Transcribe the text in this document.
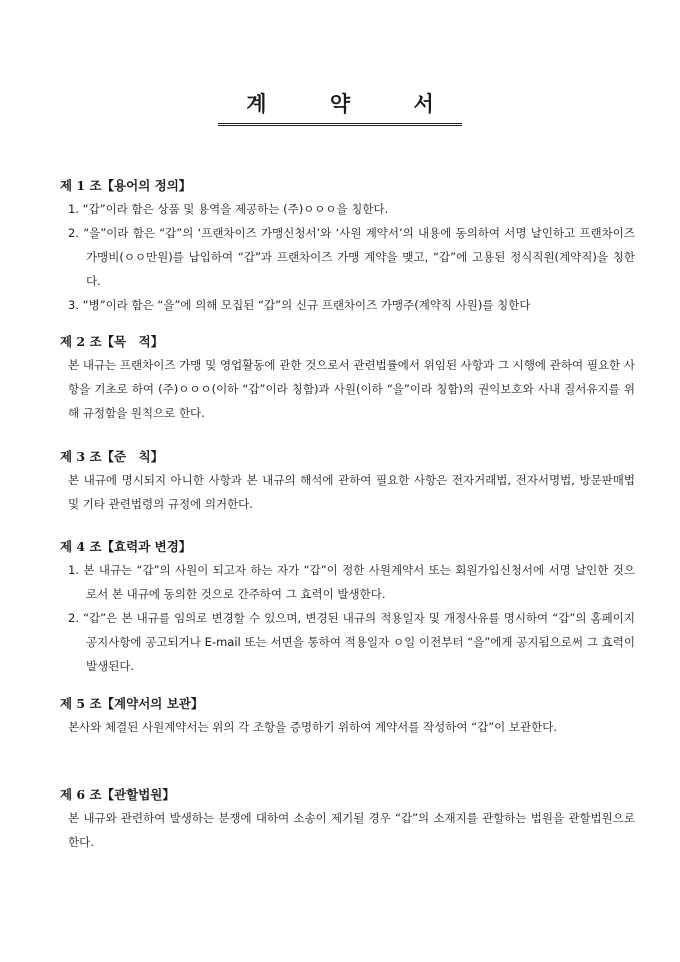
계 약 서
제 1 조【용어의 정의】
1. “갑”이라 함은 상품 및 용역을 제공하는 (주)ㅇㅇㅇ을 칭한다.
2. “을”이라 함은 “갑”의 ‘프랜차이즈 가맹신청서’와 ‘사원 계약서’의 내용에 동의하여 서명 날인하고 프랜차이즈 가맹비(ㅇㅇ만원)를 납입하여 “갑”과 프랜차이즈 가맹 계약을 맺고, “갑”에 고용된 정식직원(계약직)을 칭한다.
3. “병”이라 함은 “을”에 의해 모집된 “갑”의 신규 프랜차이즈 가맹주(계약직 사원)를 칭한다
제 2 조【목　적】

본 내규는 프랜차이즈 가맹 및 영업활동에 관한 것으로서 관련법률에서 위임된 사항과 그 시행에 관하여 필요한 사항을 기초로 하여 (주)ㅇㅇㅇ(이하 “갑”이라 칭함)과 사원(이하 “을”이라 칭함)의 권익보호와 사내 질서유지를 위해 규정함을 원칙으로 한다.

제 3 조【준　칙】

본 내규에 명시되지 아니한 사항과 본 내규의 해석에 관하여 필요한 사항은 전자거래법, 전자서명법, 방문판매법 및 기타 관련법령의 규정에 의거한다.

제 4 조【효력과 변경】
1. 본 내규는 “갑”의 사원이 되고자 하는 자가 “갑”이 정한 사원계약서 또는 회원가입신청서에 서명 날인한 것으로서 본 내규에 동의한 것으로 간주하여 그 효력이 발생한다.
2. “갑”은 본 내규를 임의로 변경할 수 있으며, 변경된 내규의 적용일자 및 개정사유를 명시하여 “갑”의 홈페이지 공지사항에 공고되거나 E-mail 또는 서면을 통하여 적용일자 ㅇ일 이전부터 “을”에게 공지됨으로써 그 효력이 발생된다.
제 5 조【계약서의 보관】

본사와 체결된 사원계약서는 위의 각 조항을 증명하기 위하여 계약서를 작성하여 “갑”이 보관한다.

제 6 조【관할법원】

본 내규와 관련하여 발생하는 분쟁에 대하여 소송이 제기될 경우 “갑”의 소재지를 관할하는 법원을 관할법원으로 한다.
